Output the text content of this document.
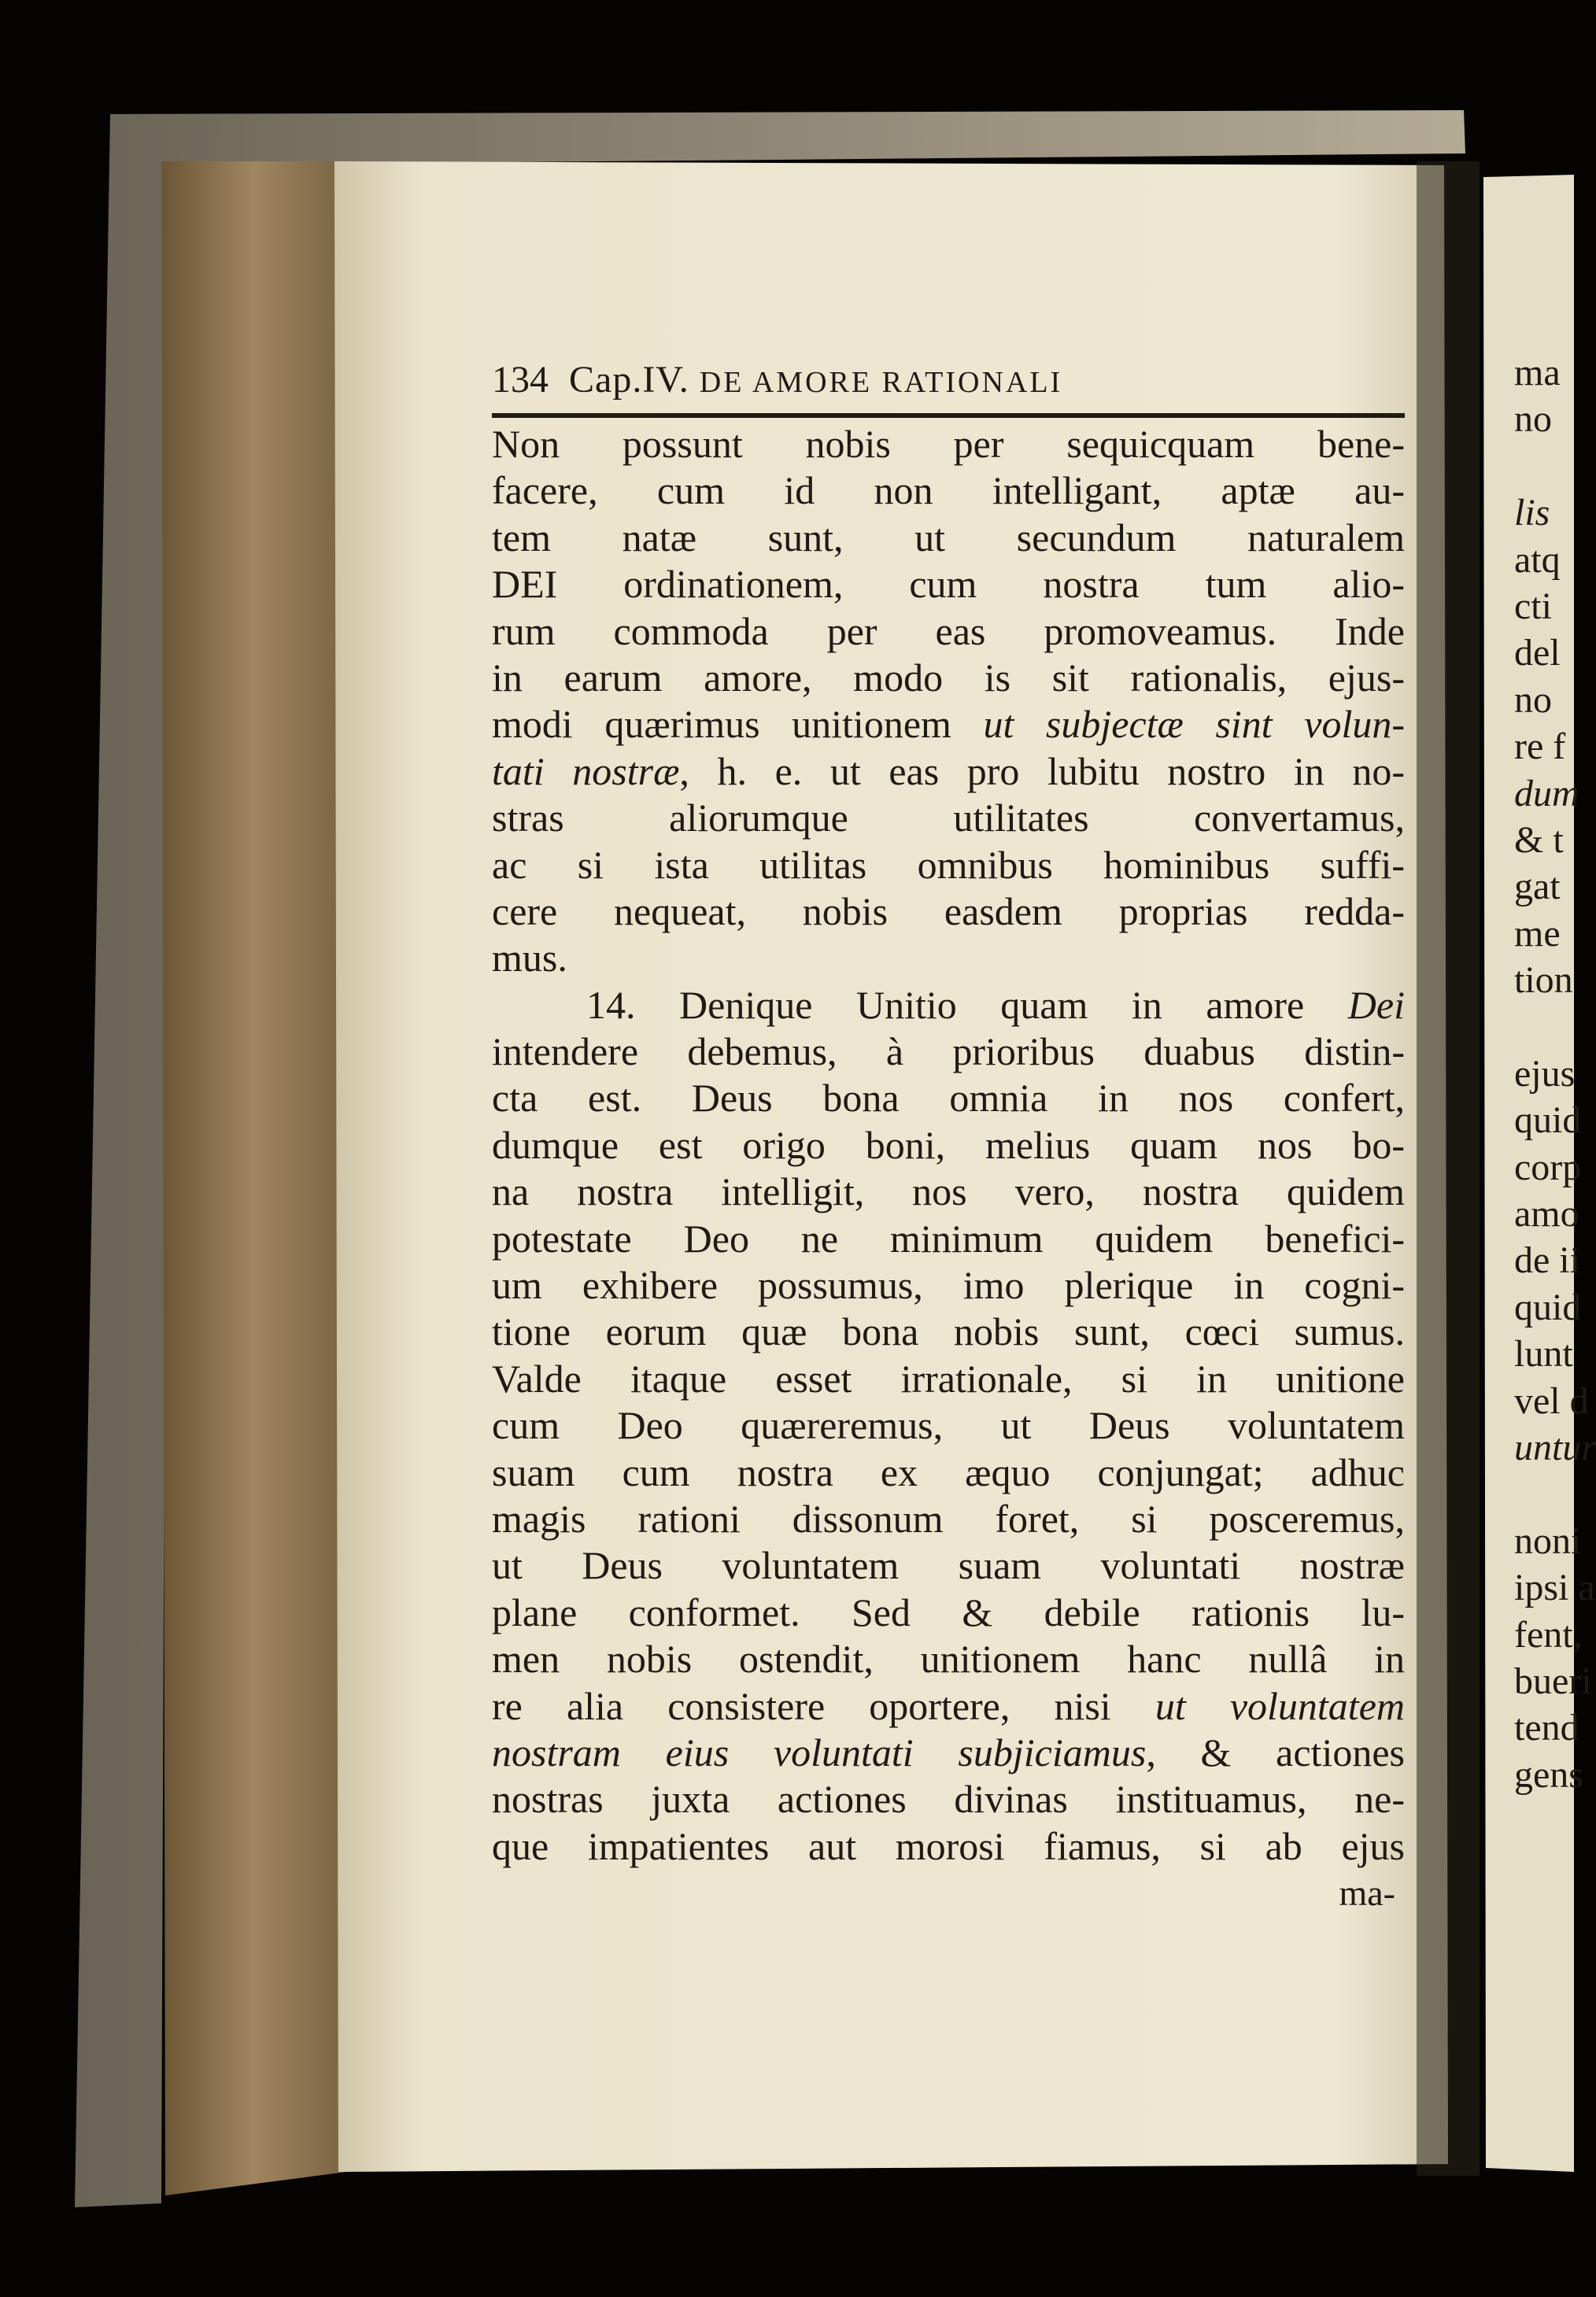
134 Cap.IV. DE AMORE RATIONALI
Non possunt nobis per sequicquam bene-
facere, cum id non intelligant, aptæ au-
tem natæ sunt, ut secundum naturalem
DEI ordinationem, cum nostra tum alio-
rum commoda per eas promoveamus. Inde
in earum amore, modo is sit rationalis, ejus-
modi quærimus unitionem ut subjectæ sint volun-
tati nostræ, h. e. ut eas pro lubitu nostro in no-
stras aliorumque utilitates convertamus,
ac si ista utilitas omnibus hominibus suffi-
cere nequeat, nobis easdem proprias redda-
mus.
14. Denique Unitio quam in amore Dei
intendere debemus, à prioribus duabus distin-
cta est. Deus bona omnia in nos confert,
dumque est origo boni, melius quam nos bo-
na nostra intelligit, nos vero, nostra quidem
potestate Deo ne minimum quidem benefici-
um exhibere possumus, imo plerique in cogni-
tione eorum quæ bona nobis sunt, cœci sumus.
Valde itaque esset irrationale, si in unitione
cum Deo quæreremus, ut Deus voluntatem
suam cum nostra ex æquo conjungat; adhuc
magis rationi dissonum foret, si posceremus,
ut Deus voluntatem suam voluntati nostræ
plane conformet. Sed & debile rationis lu-
men nobis ostendit, unitionem hanc nullâ in
re alia consistere oportere, nisi ut voluntatem
nostram eius voluntati subjiciamus, & actiones
nostras juxta actiones divinas instituamus, ne-
que impatientes aut morosi fiamus, si ab ejus
ma-
ma
no
lis
atq
cti
del
no
re f
dum
& t
gat
me
tion
ejus
quid
corp
amo
de ii
quid
lunt
vel d
untur
noni
ipsi a
fent,
bueri
tend
gens
